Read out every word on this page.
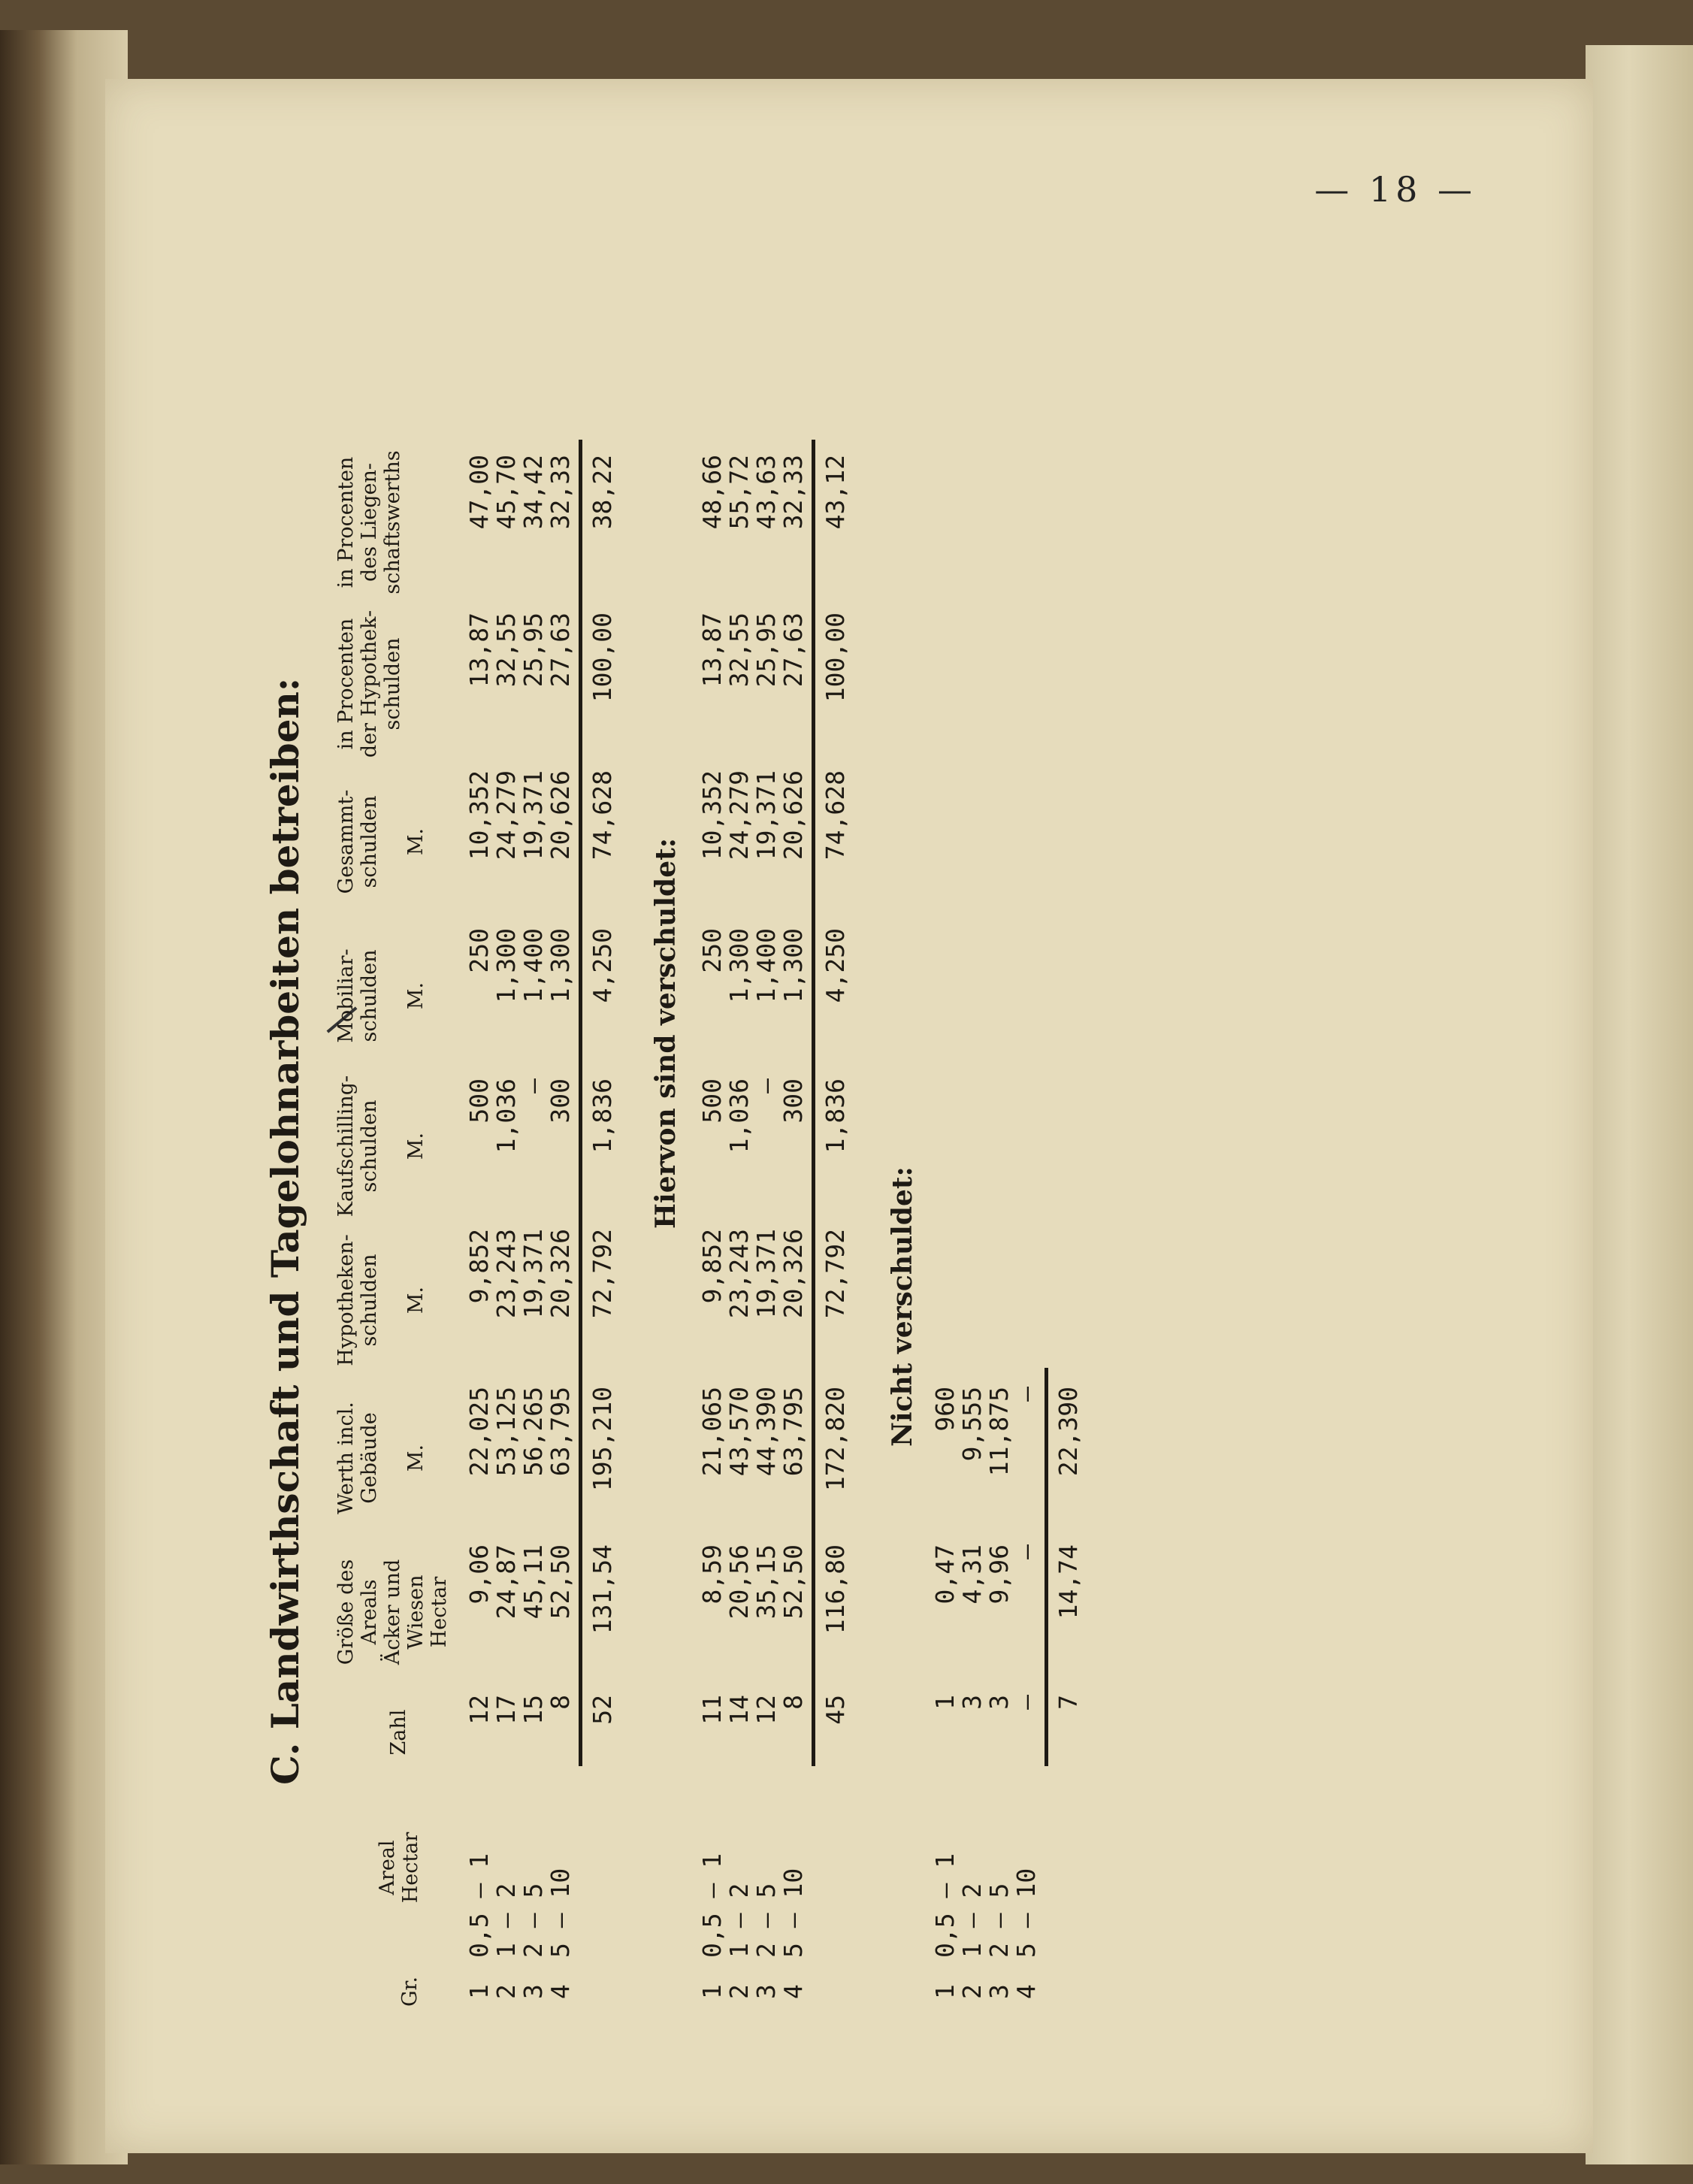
— 18 —
C. Landwirthschaft und Tagelohnarbeiten betreiben:
Gr.
Areal
Hectar
Zahl
Größe des
Areals
Äcker und
Wiesen
Hectar
Werth incl.
Gebäude

M.
Hypotheken-
schulden

M.
Kaufschilling-
schulden

M.
Mobiliar-
schulden

M.
Gesammt-
schulden

M.
in Procenten
der Hypothek-
schulden
in Procenten
des Liegen-
schaftswerths
1	0,5 — 1	12	9,06	22,025	9,852	500	250	10,352	13,87	47,00
2	1 — 2	17	24,87	53,125	23,243	1,036	1,300	24,279	32,55	45,70
3	2 — 5	15	45,11	56,265	19,371	—	1,400	19,371	25,95	34,42
4	5 — 10	8	52,50	63,795	20,326	300	1,300	20,626	27,63	32,33
		52	131,54	195,210	72,792	1,836	4,250	74,628	100,00	38,22
Hiervon sind verschuldet:
1	0,5 — 1	11	8,59	21,065	9,852	500	250	10,352	13,87	48,66
2	1 — 2	14	20,56	43,570	23,243	1,036	1,300	24,279	32,55	55,72
3	2 — 5	12	35,15	44,390	19,371	—	1,400	19,371	25,95	43,63
4	5 — 10	8	52,50	63,795	20,326	300	1,300	20,626	27,63	32,33
		45	116,80	172,820	72,792	1,836	4,250	74,628	100,00	43,12
Nicht verschuldet:
1	0,5 — 1	1	0,47	960
2	1 — 2	3	4,31	9,555
3	2 — 5	3	9,96	11,875
4	5 — 10	—	—	—
		7	14,74	22,390
